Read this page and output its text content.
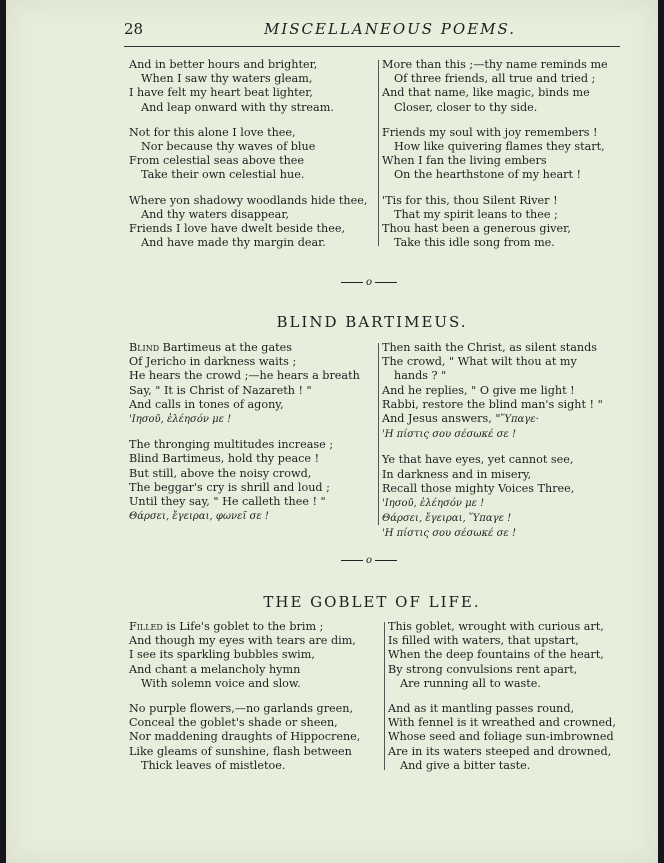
28	MISCELLANEOUS POEMS.
And in better hours and brighter,
When I saw thy waters gleam,
I have felt my heart beat lighter,
And leap onward with thy stream.
Not for this alone I love thee,
Nor because thy waves of blue
From celestial seas above thee
Take their own celestial hue.
Where yon shadowy woodlands hide thee,
And thy waters disappear,
Friends I love have dwelt beside thee,
And have made thy margin dear.
More than this ;—thy name reminds me
Of three friends, all true and tried ;
And that name, like magic, binds me
Closer, closer to thy side.
Friends my soul with joy remembers !
How like quivering flames they start,
When I fan the living embers
On the hearthstone of my heart !
'Tis for this, thou Silent River !
That my spirit leans to thee ;
Thou hast been a generous giver,
Take this idle song from me.
o
BLIND BARTIMEUS.
Blind Bartimeus at the gates
Of Jericho in darkness waits ;
He hears the crowd ;—he hears a breath
Say, " It is Christ of Nazareth ! "
And calls in tones of agony,
'Ιησοῦ, ἐλέησόν με !
The thronging multitudes increase ;
Blind Bartimeus, hold thy peace !
But still, above the noisy crowd,
The beggar's cry is shrill and loud ;
Until they say, " He calleth thee ! "
Θάρσει, ἔγειραι, φωνεῖ σε !
Then saith the Christ, as silent stands
The crowd, " What wilt thou at my
hands ? "
And he replies, " O give me light !
Rabbi, restore the blind man's sight ! "
And Jesus answers, "Ὕπαγε·
'Η πίστις σου σέσωκέ σε !
Ye that have eyes, yet cannot see,
In darkness and in misery,
Recall those mighty Voices Three,
'Ιησοῦ, ἐλέησόν με !
Θάρσει, ἔγειραι, Ὕπαγε !
'Η πίστις σου σέσωκέ σε !
o
THE GOBLET OF LIFE.
Filled is Life's goblet to the brim ;
And though my eyes with tears are dim,
I see its sparkling bubbles swim,
And chant a melancholy hymn
With solemn voice and slow.
No purple flowers,—no garlands green,
Conceal the goblet's shade or sheen,
Nor maddening draughts of Hippocrene,
Like gleams of sunshine, flash between
Thick leaves of mistletoe.
This goblet, wrought with curious art,
Is filled with waters, that upstart,
When the deep fountains of the heart,
By strong convulsions rent apart,
Are running all to waste.
And as it mantling passes round,
With fennel is it wreathed and crowned,
Whose seed and foliage sun-imbrowned
Are in its waters steeped and drowned,
And give a bitter taste.
